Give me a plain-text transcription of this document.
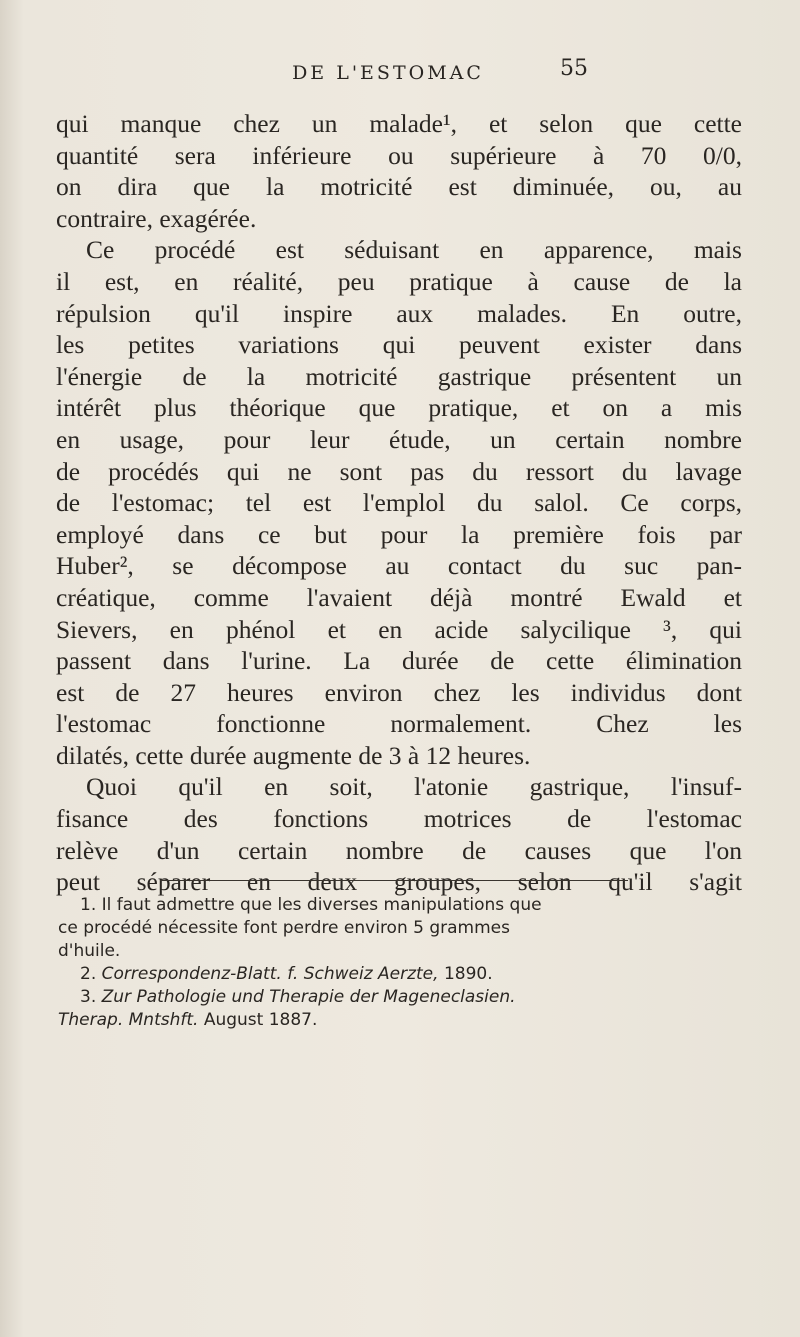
DE L'ESTOMAC	55
qui manque chez un malade¹, et selon que cette
quantité sera inférieure ou supérieure à 70 0/0,
on dira que la motricité est diminuée, ou, au
contraire, exagérée.
Ce procédé est séduisant en apparence, mais
il est, en réalité, peu pratique à cause de la
répulsion qu'il inspire aux malades. En outre,
les petites variations qui peuvent exister dans
l'énergie de la motricité gastrique présentent un
intérêt plus théorique que pratique, et on a mis
en usage, pour leur étude, un certain nombre
de procédés qui ne sont pas du ressort du lavage
de l'estomac; tel est l'emplol du salol. Ce corps,
employé dans ce but pour la première fois par
Huber², se décompose au contact du suc pan-
créatique, comme l'avaient déjà montré Ewald et
Sievers, en phénol et en acide salycilique ³, qui
passent dans l'urine. La durée de cette élimination
est de 27 heures environ chez les individus dont
l'estomac fonctionne normalement. Chez les
dilatés, cette durée augmente de 3 à 12 heures.
Quoi qu'il en soit, l'atonie gastrique, l'insuf-
fisance des fonctions motrices de l'estomac
relève d'un certain nombre de causes que l'on
peut séparer en deux groupes, selon qu'il s'agit
1. Il faut admettre que les diverses manipulations que
ce procédé nécessite font perdre environ 5 grammes
d'huile.
2. Correspondenz-Blatt. f. Schweiz Aerzte, 1890.
3. Zur Pathologie und Therapie der Mageneclasien.
Therap. Mntshft. August 1887.
